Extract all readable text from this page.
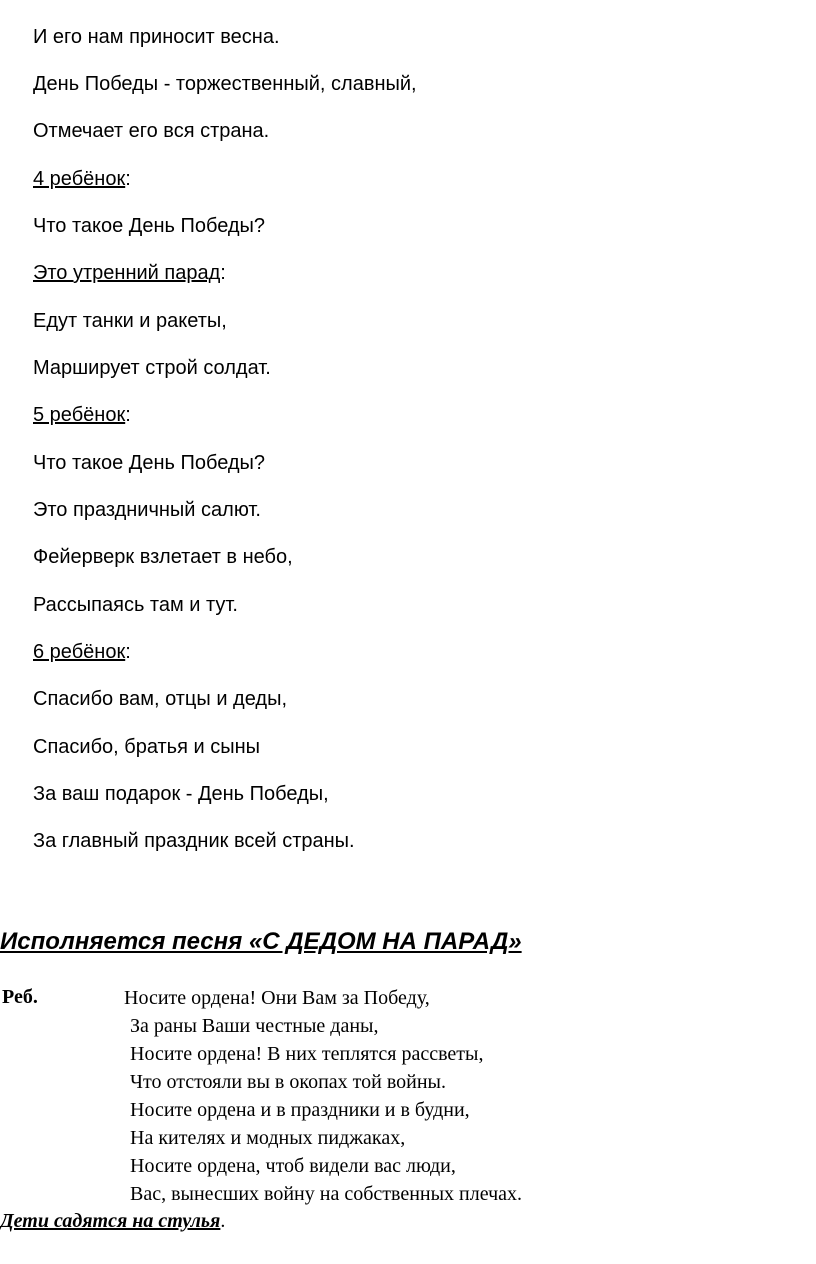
И его нам приносит весна.
День Победы - торжественный, славный,
Отмечает его вся страна.
4 ребёнок:
Что такое День Победы?
Это утренний парад:
Едут танки и ракеты,
Марширует строй солдат.
5 ребёнок:
Что такое День Победы?
Это праздничный салют.
Фейерверк взлетает в небо,
Рассыпаясь там и тут.
6 ребёнок:
Спасибо вам, отцы и деды,
Спасибо, братья и сыны
За ваш подарок - День Победы,
За главный праздник всей страны.
Исполняется песня «С ДЕДОМ НА ПАРАД»
Реб.	Носите ордена! Они Вам за Победу,
За раны Ваши честные даны,
Носите ордена! В них теплятся рассветы,
Что отстояли вы в окопах той войны.
Носите ордена и в праздники и в будни,
На кителях и модных пиджаках,
Носите ордена, чтоб видели вас люди,
Вас, вынесших войну на собственных плечах.
Дети садятся на стулья.
